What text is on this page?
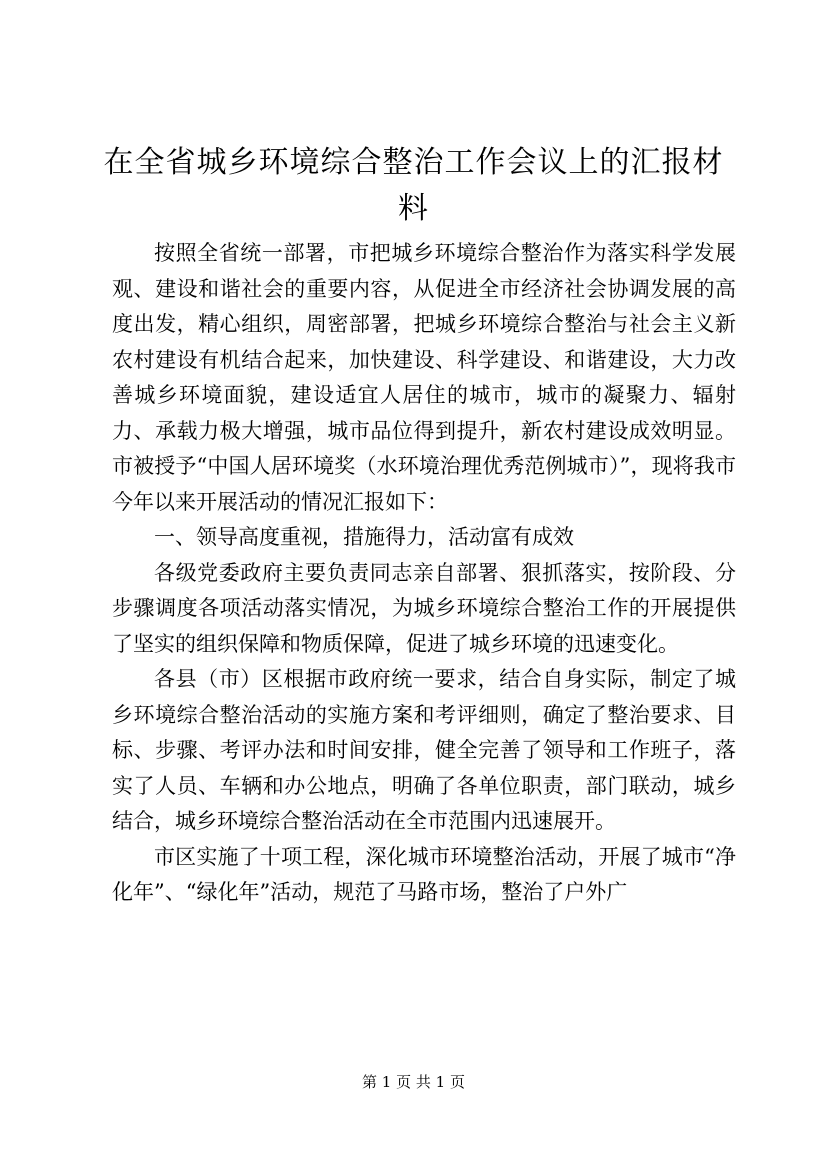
在全省城乡环境综合整治工作会议上的汇报材料

按照全省统一部署，市把城乡环境综合整治作为落实科学发展观、建设和谐社会的重要内容，从促进全市经济社会协调发展的高度出发，精心组织，周密部署，把城乡环境综合整治与社会主义新农村建设有机结合起来，加快建设、科学建设、和谐建设，大力改善城乡环境面貌，建设适宜人居住的城市，城市的凝聚力、辐射力、承载力极大增强，城市品位得到提升，新农村建设成效明显。市被授予“中国人居环境奖（水环境治理优秀范例城市）”，现将我市今年以来开展活动的情况汇报如下：

一、领导高度重视，措施得力，活动富有成效

各级党委政府主要负责同志亲自部署、狠抓落实，按阶段、分步骤调度各项活动落实情况，为城乡环境综合整治工作的开展提供了坚实的组织保障和物质保障，促进了城乡环境的迅速变化。

各县（市）区根据市政府统一要求，结合自身实际，制定了城乡环境综合整治活动的实施方案和考评细则，确定了整治要求、目标、步骤、考评办法和时间安排，健全完善了领导和工作班子，落实了人员、车辆和办公地点，明确了各单位职责，部门联动，城乡结合，城乡环境综合整治活动在全市范围内迅速展开。

市区实施了十项工程，深化城市环境整治活动，开展了城市“净化年”、“绿化年”活动，规范了马路市场，整治了户外广

第 1 页 共 1 页
